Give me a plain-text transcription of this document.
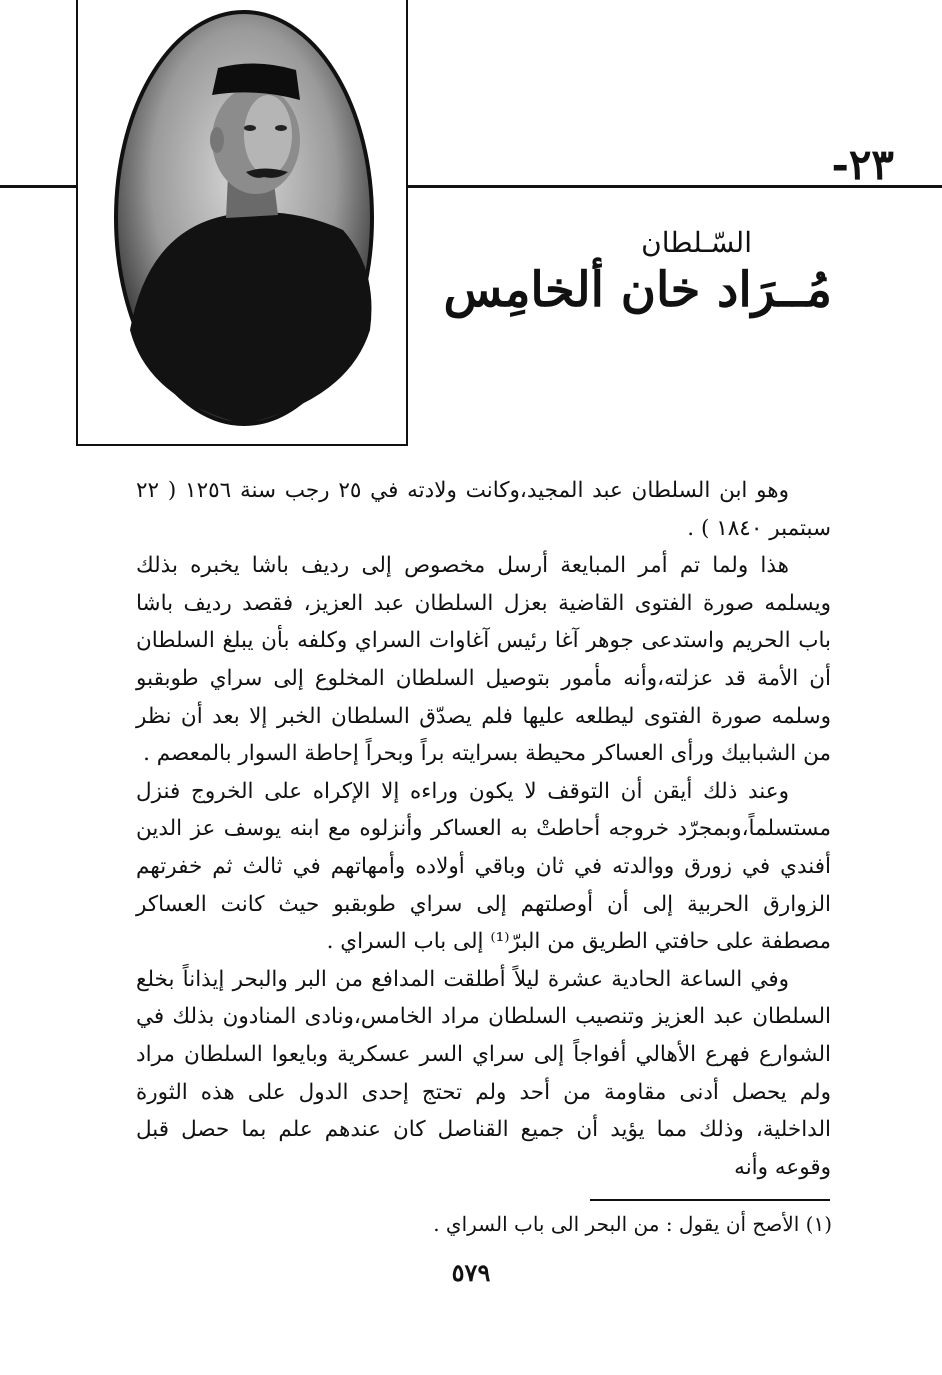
٢٣-
السّـلطان
مُــرَاد خان ألخامِس

وهو ابن السلطان عبد المجيد،وكانت ولادته في ٢٥ رجب سنة ١٢٥٦ ( ٢٢ سبتمبر ١٨٤٠ ) .

هذا ولما تم أمر المبايعة أرسل مخصوص إلى رديف باشا يخبره بذلك ويسلمه صورة الفتوى القاضية بعزل السلطان عبد العزيز، فقصد رديف باشا باب الحريم واستدعى جوهر آغا رئيس آغاوات السراي وكلفه بأن يبلغ السلطان أن الأمة قد عزلته،وأنه مأمور بتوصيل السلطان المخلوع إلى سراي طوبقبو وسلمه صورة الفتوى ليطلعه عليها فلم يصدّق السلطان الخبر إلا بعد أن نظر من الشبابيك ورأى العساكر محيطة بسرايته براً وبحراً إحاطة السوار بالمعصم .

وعند ذلك أيقن أن التوقف لا يكون وراءه إلا الإكراه على الخروج فنزل مستسلماً،وبمجرّد خروجه أحاطتْ به العساكر وأنزلوه مع ابنه يوسف عز الدين أفندي في زورق ووالدته في ثان وباقي أولاده وأمهاتهم في ثالث ثم خفرتهم الزوارق الحربية إلى أن أوصلتهم إلى سراي طوبقبو حيث كانت العساكر مصطفة على حافتي الطريق من البرّ⁽¹⁾ إلى باب السراي .

وفي الساعة الحادية عشرة ليلاً أطلقت المدافع من البر والبحر إيذاناً بخلع السلطان عبد العزيز وتنصيب السلطان مراد الخامس،ونادى المنادون بذلك في الشوارع فهرع الأهالي أفواجاً إلى سراي السر عسكرية وبايعوا السلطان مراد ولم يحصل أدنى مقاومة من أحد ولم تحتج إحدى الدول على هذه الثورة الداخلية، وذلك مما يؤيد أن جميع القناصل كان عندهم علم بما حصل قبل وقوعه وأنه

(١) الأصح أن يقول : من البحر الى باب السراي .
٥٧٩
